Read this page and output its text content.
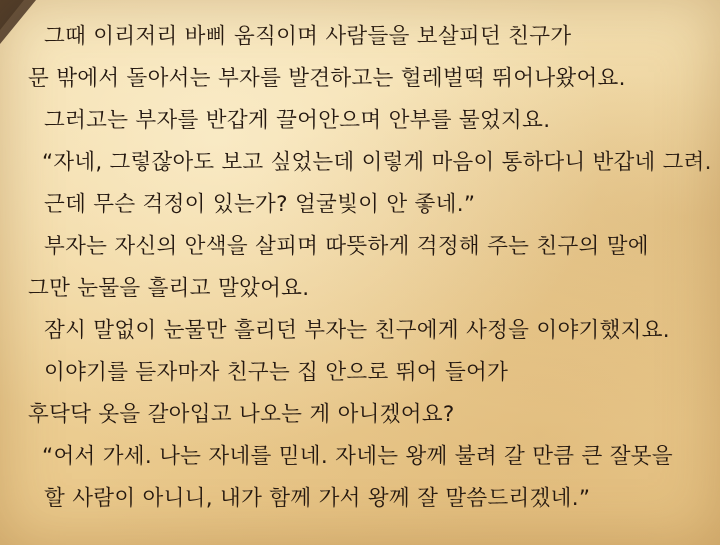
그때 이리저리 바삐 움직이며 사람들을 보살피던 친구가

문 밖에서 돌아서는 부자를 발견하고는 헐레벌떡 뛰어나왔어요.

그러고는 부자를 반갑게 끌어안으며 안부를 물었지요.

“자네, 그렇잖아도 보고 싶었는데 이렇게 마음이 통하다니 반갑네 그려.

근데 무슨 걱정이 있는가? 얼굴빛이 안 좋네.”

부자는 자신의 안색을 살피며 따뜻하게 걱정해 주는 친구의 말에

그만 눈물을 흘리고 말았어요.

잠시 말없이 눈물만 흘리던 부자는 친구에게 사정을 이야기했지요.

이야기를 듣자마자 친구는 집 안으로 뛰어 들어가

후닥닥 옷을 갈아입고 나오는 게 아니겠어요?

“어서 가세. 나는 자네를 믿네. 자네는 왕께 불려 갈 만큼 큰 잘못을

할 사람이 아니니, 내가 함께 가서 왕께 잘 말씀드리겠네.”
